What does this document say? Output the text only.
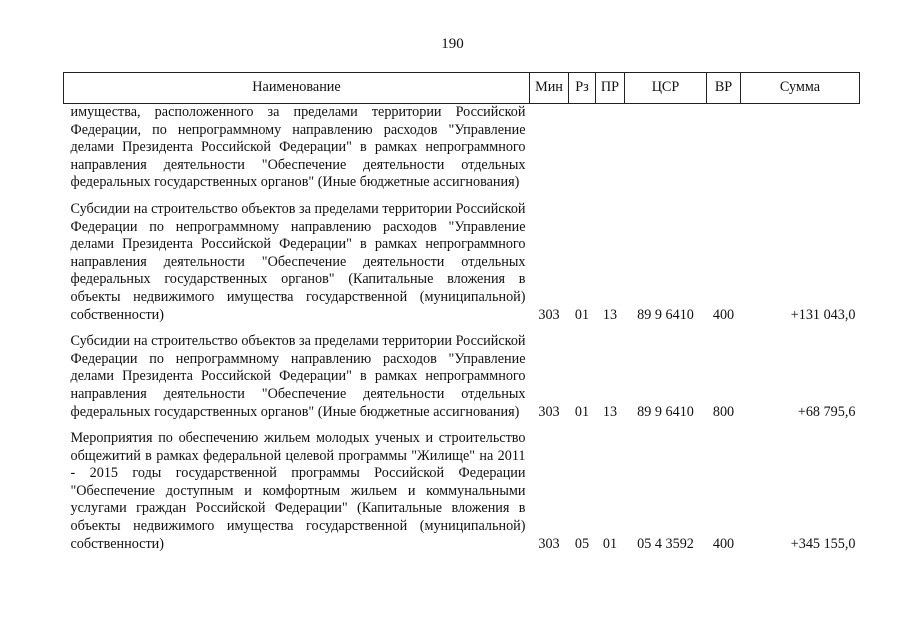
190
Наименование	Мин	Рз	ПР	ЦСР	ВР	Сумма

имущества, расположенного за пределами территории Российской Федерации, по непрограммному направлению расходов "Управление делами Президента Российской Федерации" в рамках непрограммного направления деятельности "Обеспечение деятельности отдельных федеральных государственных органов" (Иные бюджетные ассигнования)						

Субсидии на строительство объектов за пределами территории Российской Федерации по непрограммному направлению расходов "Управление делами Президента Российской Федерации" в рамках непрограммного направления деятельности "Обеспечение деятельности отдельных федеральных государственных органов" (Капитальные вложения в объекты недвижимого имущества государственной (муниципальной) собственности)	303	01	13	89 9 6410	400	+131 043,0

Субсидии на строительство объектов за пределами территории Российской Федерации по непрограммному направлению расходов "Управление делами Президента Российской Федерации" в рамках непрограммного направления деятельности "Обеспечение деятельности отдельных федеральных государственных органов" (Иные бюджетные ассигнования)	303	01	13	89 9 6410	800	+68 795,6

Мероприятия по обеспечению жильем молодых ученых и строительство общежитий в рамках федеральной целевой программы "Жилище" на 2011 - 2015 годы государственной программы Российской Федерации "Обеспечение доступным и комфортным жильем и коммунальными услугами граждан Российской Федерации" (Капитальные вложения в объекты недвижимого имущества государственной (муниципальной) собственности)	303	05	01	05 4 3592	400	+345 155,0
